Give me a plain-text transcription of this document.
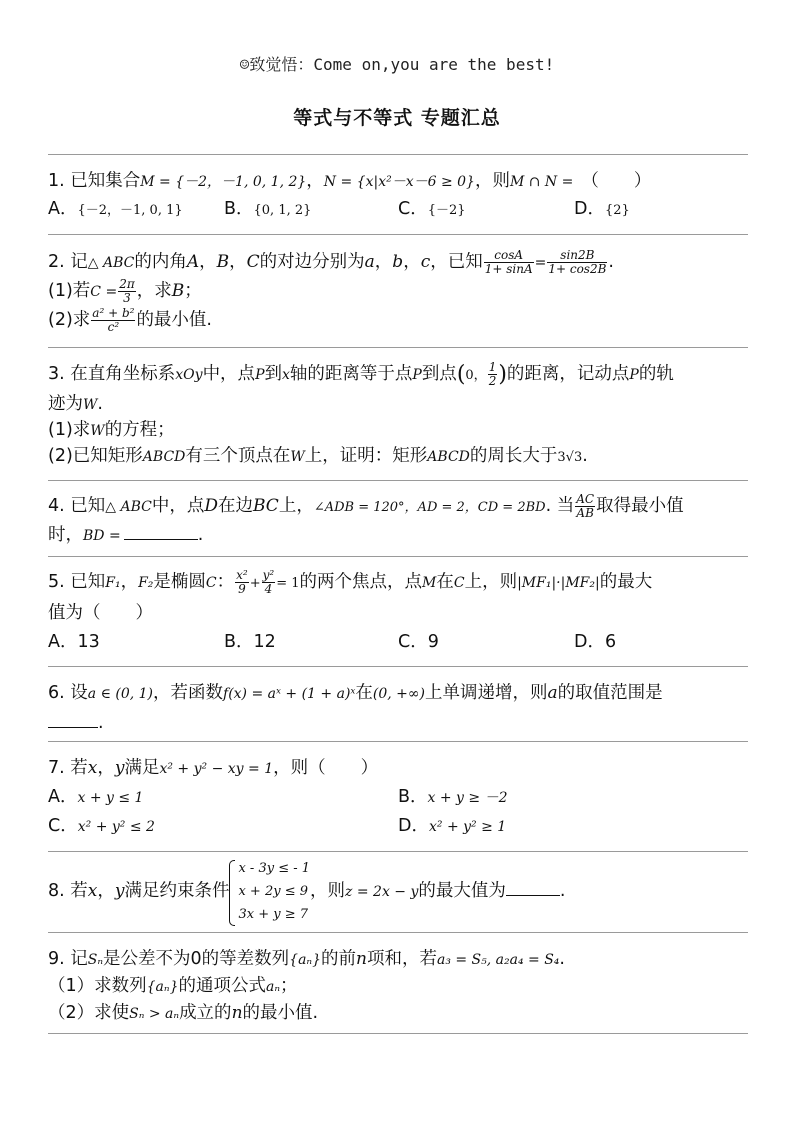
☺致觉悟：Come on,you are the best!
等式与不等式 专题汇总
1. 已知集合M = {－2，－1, 0, 1, 2}，N = {x|x²－x－6 ≥ 0}，则M ∩ N = （　　）
A．{－2，－1, 0, 1} B．{0, 1, 2}	C．{－2}	D．{2}
2. 记△ ABC的内角A，B，C的对边分别为a，b，c，已知 $\frac{\cos A}{1+ \sin A} = \frac{\sin 2B}{1+ \cos 2B}$ .
(1)若$C = \frac{2\pi}{3}$ ，求B；
(2)求 $\frac{\text{a² + b²}}{\text{c²}}$ 的最小值.
3. 在直角坐标系xOy中，点P到x轴的距离等于点P到点(0， $\frac{1}{2}$ )的距离，记动点P的轨
迹为W.
(1)求W的方程；
(2)已知矩形ABCD有三个顶点在W上，证明：矩形ABCD的周长大于3√3.
4. 已知△ ABC中，点D在边BC上，∠ADB = 120°，AD = 2，CD = 2BD. 当 $\frac{AC}{AB}$ 取得最小值
时，BD =	.
5. 已知F₁，F₂是椭圆C： $\frac{\text{x²}}{9} + \frac{\text{y²}}{4} = 1$的两个焦点，点M在C上，则|MF₁|·|MF₂|的最大
值为（　　）
A．13	B．12	C．9	D．6
6. 设a ∈ (0, 1)，若函数f(x) = aˣ + (1 + a)ˣ在(0, +∞)上单调递增，则a的取值范围是
.
7. 若x，y满足x² + y² − xy = 1，则（　　）
A．x + y ≤ 1	B．x + y ≥ －2
C．x² + y² ≤ 2	D．x² + y² ≥ 1
8. 若x，y满足约束条件
x - 3y ≤ - 1
x + 2y ≤ 9
3x + y ≥ 7
，则z = 2x − y的最大值为	.
9. 记Sₙ是公差不为0的等差数列{aₙ}的前n项和，若a₃ = S₅, a₂a₄ = S₄.
（1）求数列{aₙ}的通项公式aₙ；
（2）求使Sₙ > aₙ成立的n的最小值.
